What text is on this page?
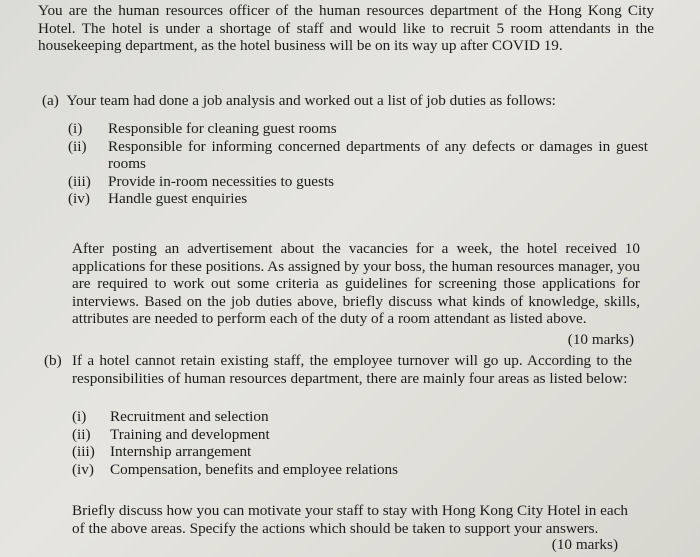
You are the human resources officer of the human resources department of the Hong Kong City Hotel. The hotel is under a shortage of staff and would like to recruit 5 room attendants in the housekeeping department, as the hotel business will be on its way up after COVID 19.

(a) Your team had done a job analysis and worked out a list of job duties as follows:

(i) Responsible for cleaning guest rooms
(ii) Responsible for informing concerned departments of any defects or damages in guest rooms
(iii) Provide in-room necessities to guests
(iv) Handle guest enquiries

After posting an advertisement about the vacancies for a week, the hotel received 10 applications for these positions. As assigned by your boss, the human resources manager, you are required to work out some criteria as guidelines for screening those applications for interviews. Based on the job duties above, briefly discuss what kinds of knowledge, skills, attributes are needed to perform each of the duty of a room attendant as listed above.

(10 marks)
(b) If a hotel cannot retain existing staff, the employee turnover will go up. According to the responsibilities of human resources department, there are mainly four areas as listed below:

(i) Recruitment and selection
(ii) Training and development
(iii) Internship arrangement
(iv) Compensation, benefits and employee relations

Briefly discuss how you can motivate your staff to stay with Hong Kong City Hotel in each of the above areas. Specify the actions which should be taken to support your answers.

(10 marks)
